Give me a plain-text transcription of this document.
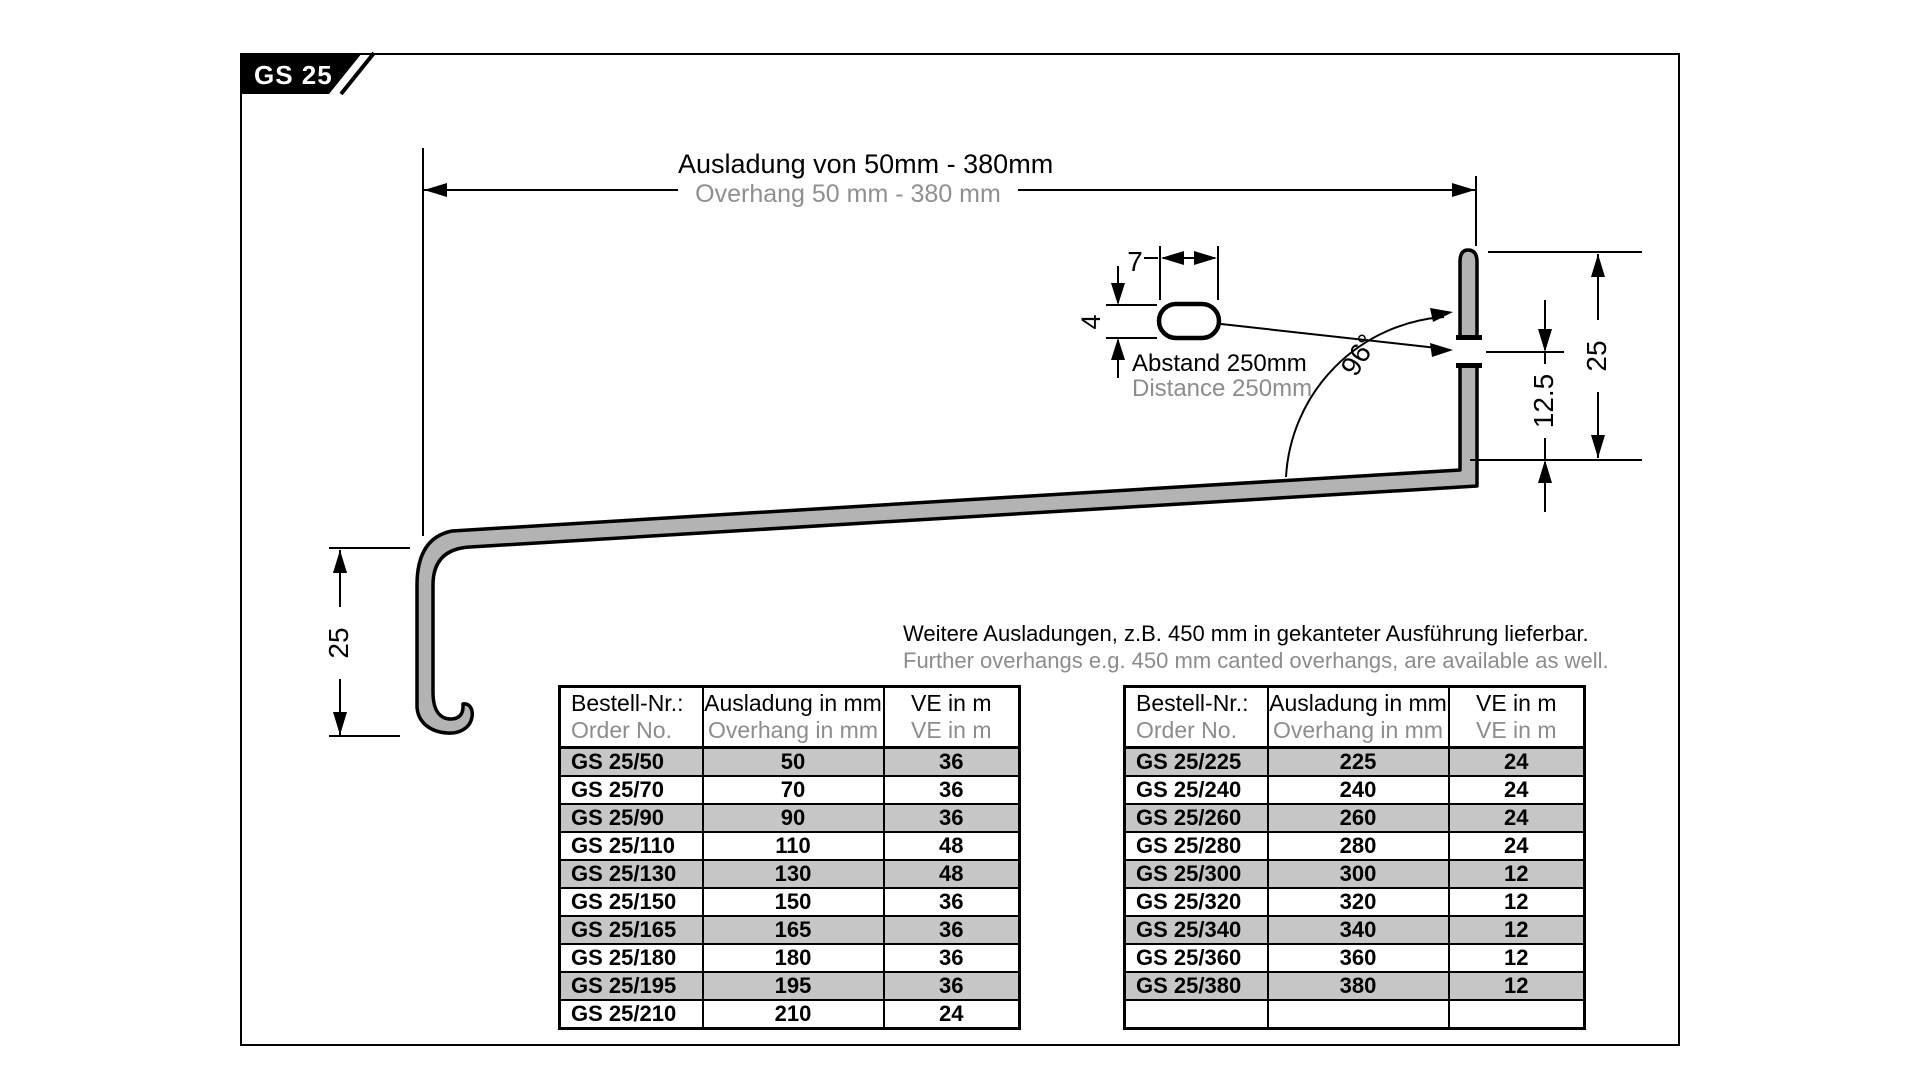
7
4
Abstand 250mm
Distance 250mm
96°	25
12.5
25
GS 25
Ausladung von 50mm - 380mm
Overhang 50 mm - 380 mm
Weitere Ausladungen, z.B. 450 mm in gekanteter Ausführung lieferbar.
Further overhangs e.g. 450 mm canted overhangs, are available as well.
Bestell-Nr.:
Order No.

Ausladung in mm
Overhang in mm

VE in m
VE in m

GS 25/50	50	36
GS 25/70	70	36
GS 25/90	90	36
GS 25/110	110	48
GS 25/130	130	48
GS 25/150	150	36
GS 25/165	165	36
GS 25/180	180	36
GS 25/195	195	36
GS 25/210	210	24
Bestell-Nr.:
Order No.

Ausladung in mm
Overhang in mm

VE in m
VE in m

GS 25/225	225	24
GS 25/240	240	24
GS 25/260	260	24
GS 25/280	280	24
GS 25/300	300	12
GS 25/320	320	12
GS 25/340	340	12
GS 25/360	360	12
GS 25/380	380	12
